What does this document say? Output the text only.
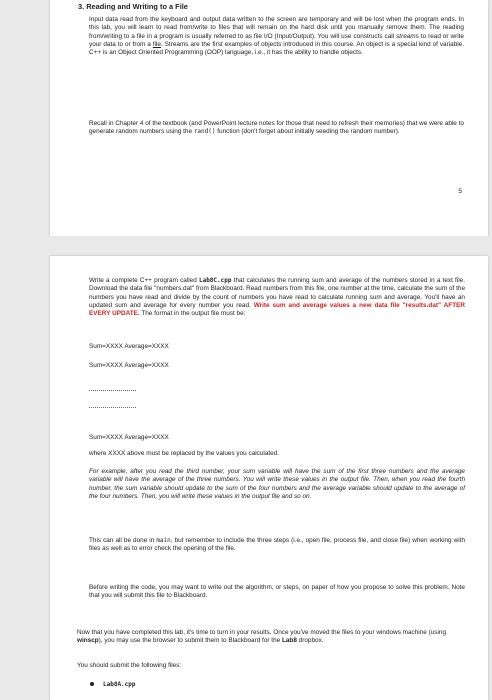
3. Reading and Writing to a File

Input data read from the keyboard and output data written to the screen are temporary and will be lost when the program ends. In this lab, you will learn to read from/write to files that will remain on the hard disk until you manually remove them. The reading from/writing to a file in a program is usually referred to as file I/O (Input/Output). You will use constructs call streams to read or write your data to or from a file. Streams are the first examples of objects introduced in this course. An object is a special kind of variable. C++ is an Object Oriented Programming (OOP) language, i.e., it has the ability to handle objects.

Recall in Chapter 4 of the textbook (and PowerPoint lecture notes for those that need to refresh their memories) that we were able to generate random numbers using the rand() function (don't forget about initially seeding the random number).

5

Write a complete C++ program called Lab8C.cpp that calculates the running sum and average of the numbers stored in a text file. Download the data file "numbers.dat" from Blackboard. Read numbers from this file, one number at the time, calculate the sum of the numbers you have read and divide by the count of numbers you have read to calculate running sum and average. You'll have an updated sum and average for every number you read. Write sum and average values a new data file "results.dat" AFTER EVERY UPDATE. The format in the output file must be:

Sum=XXXX Average=XXXX

Sum=XXXX Average=XXXX

Sum=XXXX Average=XXXX

where XXXX above must be replaced by the values you calculated.

For example, after you read the third number, your sum variable will have the sum of the first three numbers and the average variable will have the average of the three numbers. You will write these values in the output file. Then, when you read the fourth number, the sum variable should update to the sum of the four numbers and the average variable should update to the average of the four numbers. Then, you will write these values in the output file and so on.

This can all be done in main, but remember to include the three steps (i.e., open file, process file, and close file) when working with files as well as to error check the opening of the file.

Before writing the code, you may want to write out the algorithm, or steps, on paper of how you propose to solve this problem. Note that you will submit this file to Blackboard.

Now that you have completed this lab, it's time to turn in your results. Once you've moved the files to your windows machine (using winscp), you may use the browser to submit them to Blackboard for the Lab8 dropbox.

You should submit the following files:

Lab8A.cpp
